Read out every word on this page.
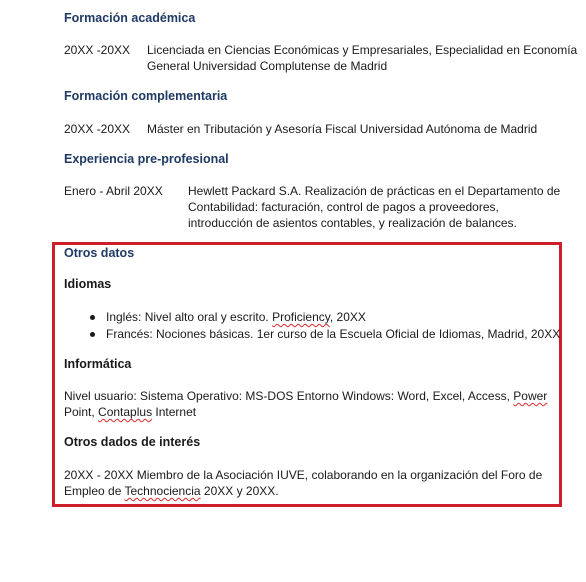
Formación académica
20XX -20XX Licenciada en Ciencias Económicas y Empresariales, Especialidad en Economía
General Universidad Complutense de Madrid
Formación complementaria
20XX -20XX Máster en Tributación y Asesoría Fiscal Universidad Autónoma de Madrid
Experiencia pre-profesional
Enero - Abril 20XX Hewlett Packard S.A. Realización de prácticas en el Departamento de
Contabilidad: facturación, control de pagos a proveedores,
introducción de asientos contables, y realización de balances.
Otros datos
Idiomas
Inglés: Nivel alto oral y escrito. Proficiency, 20XX
Francés: Nociones básicas. 1er curso de la Escuela Oficial de Idiomas, Madrid, 20XX
Informática
Nivel usuario: Sistema Operativo: MS-DOS Entorno Windows: Word, Excel, Access, Power
Point, Contaplus Internet
Otros dados de interés
20XX - 20XX Miembro de la Asociación IUVE, colaborando en la organización del Foro de
Empleo de Technociencia 20XX y 20XX.
